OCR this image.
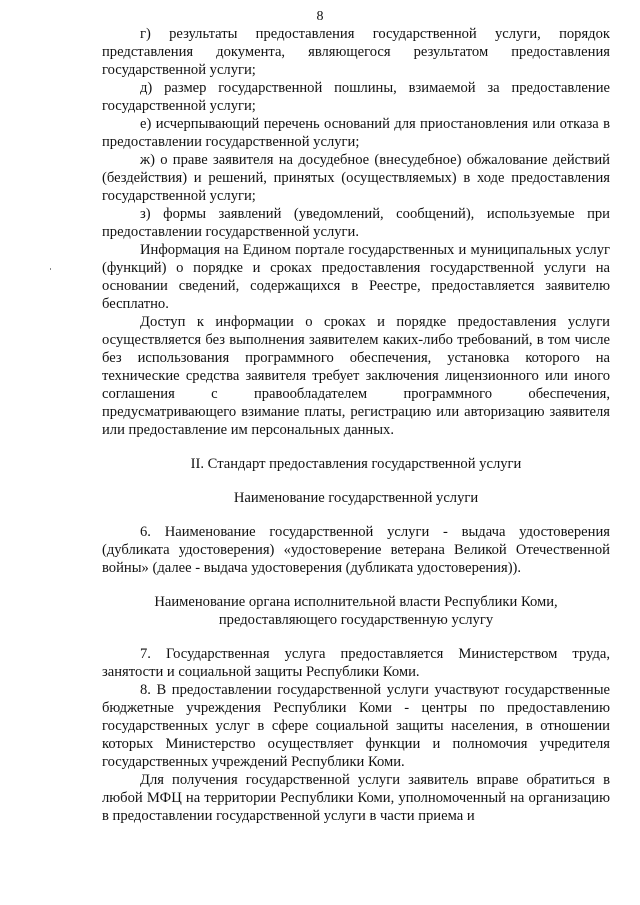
8

г) результаты предоставления государственной услуги, порядок представления документа, являющегося результатом предоставления государственной услуги;

д) размер государственной пошлины, взимаемой за предоставление государственной услуги;

е) исчерпывающий перечень оснований для приостановления или отказа в предоставлении государственной услуги;

ж) о праве заявителя на досудебное (внесудебное) обжалование действий (бездействия) и решений, принятых (осуществляемых) в ходе предоставления государственной услуги;

з) формы заявлений (уведомлений, сообщений), используемые при предоставлении государственной услуги.

Информация на Едином портале государственных и муниципальных услуг (функций) о порядке и сроках предоставления государственной услуги на основании сведений, содержащихся в Реестре, предоставляется заявителю бесплатно.

Доступ к информации о сроках и порядке предоставления услуги осуществляется без выполнения заявителем каких-либо требований, в том числе без использования программного обеспечения, установка которого на технические средства заявителя требует заключения лицензионного или иного соглашения с правообладателем программного обеспечения, предусматривающего взимание платы, регистрацию или авторизацию заявителя или предоставление им персональных данных.

II. Стандарт предоставления государственной услуги

Наименование государственной услуги

6. Наименование государственной услуги - выдача удостоверения (дубликата удостоверения) «удостоверение ветерана Великой Отечественной войны» (далее - выдача удостоверения (дубликата удостоверения)).

Наименование органа исполнительной власти Республики Коми,
предоставляющего государственную услугу

7. Государственная услуга предоставляется Министерством труда, занятости и социальной защиты Республики Коми.

8. В предоставлении государственной услуги участвуют государственные бюджетные учреждения Республики Коми - центры по предоставлению государственных услуг в сфере социальной защиты населения, в отношении которых Министерство осуществляет функции и полномочия учредителя государственных учреждений Республики Коми.

Для получения государственной услуги заявитель вправе обратиться в любой МФЦ на территории Республики Коми, уполномоченный на организацию в предоставлении государственной услуги в части приема и
